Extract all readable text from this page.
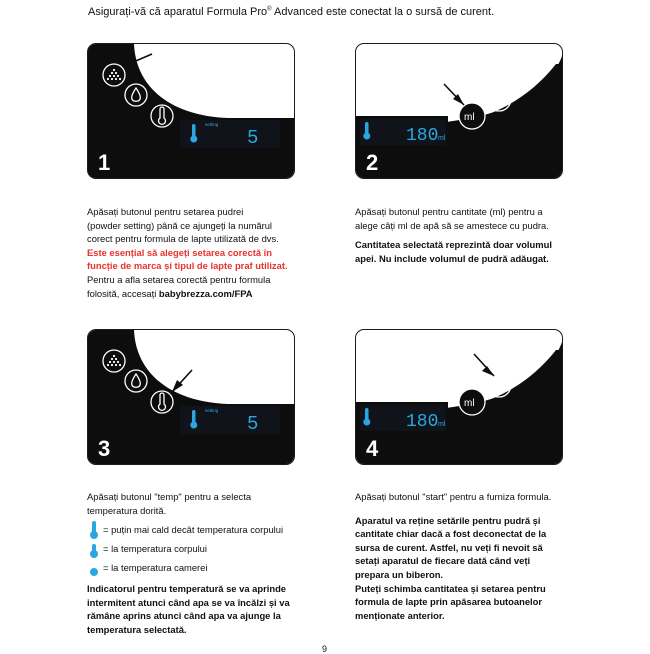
Asigurați-vă că aparatul Formula Pro® Advanced este conectat la o sursă de curent.
setting
5
1
180 ml
ml
2
setting
5
3
180 ml
ml
4

Apăsați butonul pentru setarea pudrei

(powder setting) până ce ajungeți la numărul

corect pentru formula de lapte utilizată de dvs.

Este esențial să alegeți setarea corectă în

funcție de marca și tipul de lapte praf utilizat.

Pentru a afla setarea corectă pentru formula

folosită, accesați babybrezza.com/FPA

Apăsați butonul pentru cantitate (ml) pentru a

alege câți ml de apă să se amestece cu pudra.

Cantitatea selectată reprezintă doar volumul

apei. Nu include volumul de pudră adăugat.

Apăsați butonul "temp" pentru a selecta

temperatura dorită.

= puțin mai cald decât temperatura corpului
= la temperatura corpului
= la temperatura camerei

Indicatorul pentru temperatură se va aprinde

intermitent atunci când apa se va încălzi și va

rămâne aprins atunci când apa va ajunge la

temperatura selectată.

Apăsați butonul "start" pentru a furniza formula.

Aparatul va reține setările pentru pudră și

cantitate chiar dacă a fost deconectat de la

sursa de curent. Astfel, nu veți fi nevoit să

setați aparatul de fiecare dată când veți

prepara un biberon.

Puteți schimba cantitatea și setarea pentru

formula de lapte prin apăsarea butoanelor

menționate anterior.

9
